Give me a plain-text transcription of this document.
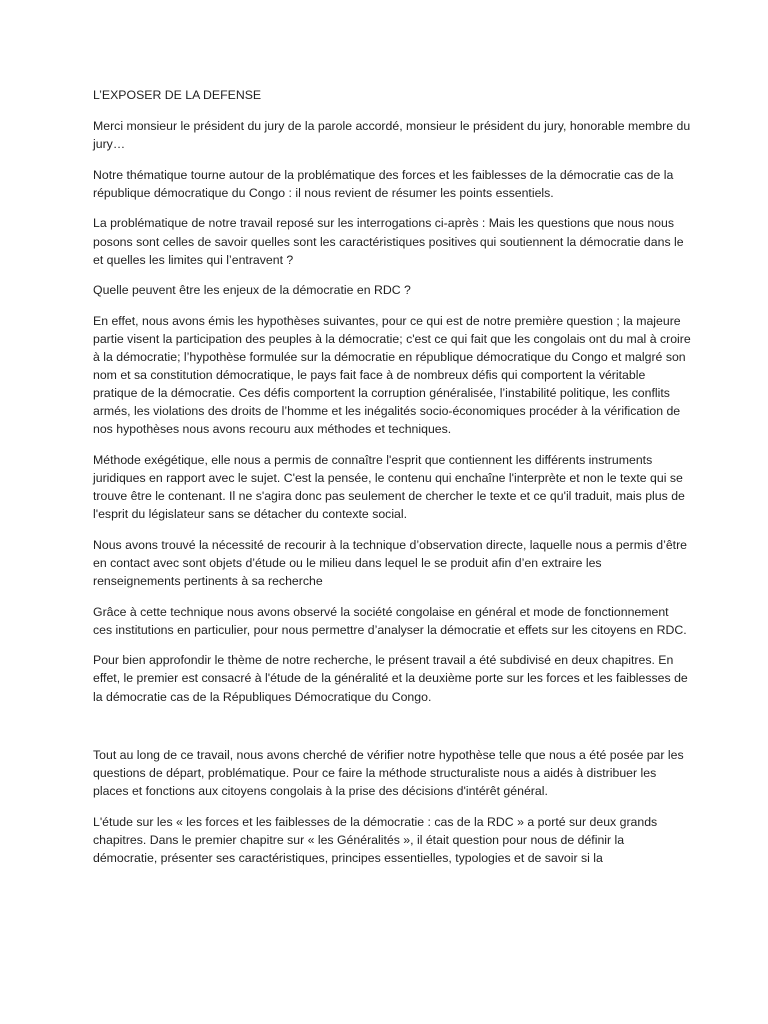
L’EXPOSER DE LA DEFENSE

Merci monsieur le président du jury de la parole accordé, monsieur le président du jury, honorable membre du jury…

Notre thématique tourne autour de la problématique des forces et les faiblesses de la démocratie cas de la république démocratique du Congo : il nous revient de résumer les points essentiels.

La problématique de notre travail reposé sur les interrogations ci-après : Mais les questions que nous nous posons sont celles de savoir quelles sont les caractéristiques positives qui soutiennent la démocratie dans le et quelles les limites qui l’entravent ?

Quelle peuvent être les enjeux de la démocratie en RDC ?

En effet, nous avons émis les hypothèses suivantes, pour ce qui est de notre première question ; la majeure partie visent la participation des peuples à la démocratie; c'est ce qui fait que les congolais ont du mal à croire à la démocratie; l’hypothèse formulée sur la démocratie en république démocratique du Congo et malgré son nom et sa constitution démocratique, le pays fait face à de nombreux défis qui comportent la véritable pratique de la démocratie. Ces défis comportent la corruption généralisée, l’instabilité politique, les conflits armés, les violations des droits de l’homme et les inégalités socio-économiques procéder à la vérification de nos hypothèses nous avons recouru aux méthodes et techniques.

Méthode exégétique, elle nous a permis de connaître l'esprit que contiennent les différents instruments juridiques en rapport avec le sujet. C'est la pensée, le contenu qui enchaîne l'interprète et non le texte qui se trouve être le contenant. Il ne s'agira donc pas seulement de chercher le texte et ce qu'il traduit, mais plus de l'esprit du législateur sans se détacher du contexte social.

Nous avons trouvé la nécessité de recourir à la technique d’observation directe, laquelle nous a permis d’être en contact avec sont objets d’étude ou le milieu dans lequel le se produit afin d’en extraire les renseignements pertinents à sa recherche

Grâce à cette technique nous avons observé la société congolaise en général et mode de fonctionnement ces institutions en particulier, pour nous permettre d’analyser la démocratie et effets sur les citoyens en RDC.

Pour bien approfondir le thème de notre recherche, le présent travail a été subdivisé en deux chapitres. En effet, le premier est consacré à l'étude de la généralité et la deuxième porte sur les forces et les faiblesses de la démocratie cas de la Républiques Démocratique du Congo.

Tout au long de ce travail, nous avons cherché de vérifier notre hypothèse telle que nous a été posée par les questions de départ, problématique. Pour ce faire la méthode structuraliste nous a aidés à distribuer les places et fonctions aux citoyens congolais à la prise des décisions d'intérêt général.

L'étude sur les « les forces et les faiblesses de la démocratie : cas de la RDC » a porté sur deux grands chapitres. Dans le premier chapitre sur « les Généralités », il était question pour nous de définir la démocratie, présenter ses caractéristiques, principes essentielles, typologies et de savoir si la
